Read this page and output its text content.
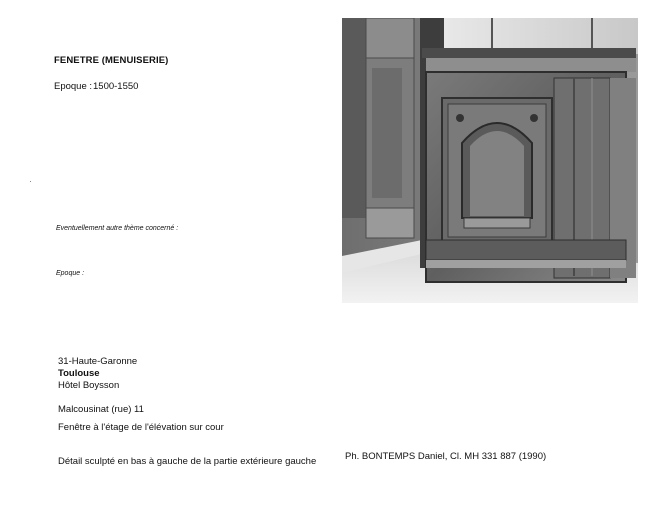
FENETRE (MENUISERIE)
Epoque : 1500-1550
Eventuellement autre thème concerné :
Epoque :
31-Haute-Garonne
Toulouse
Hôtel Boysson
Malcousinat (rue) 11
Fenêtre à l'étage de l'élévation sur cour
Détail sculpté en bas à gauche de la partie extérieure gauche	Ph. BONTEMPS Daniel, Cl. MH 331 887 (1990)
